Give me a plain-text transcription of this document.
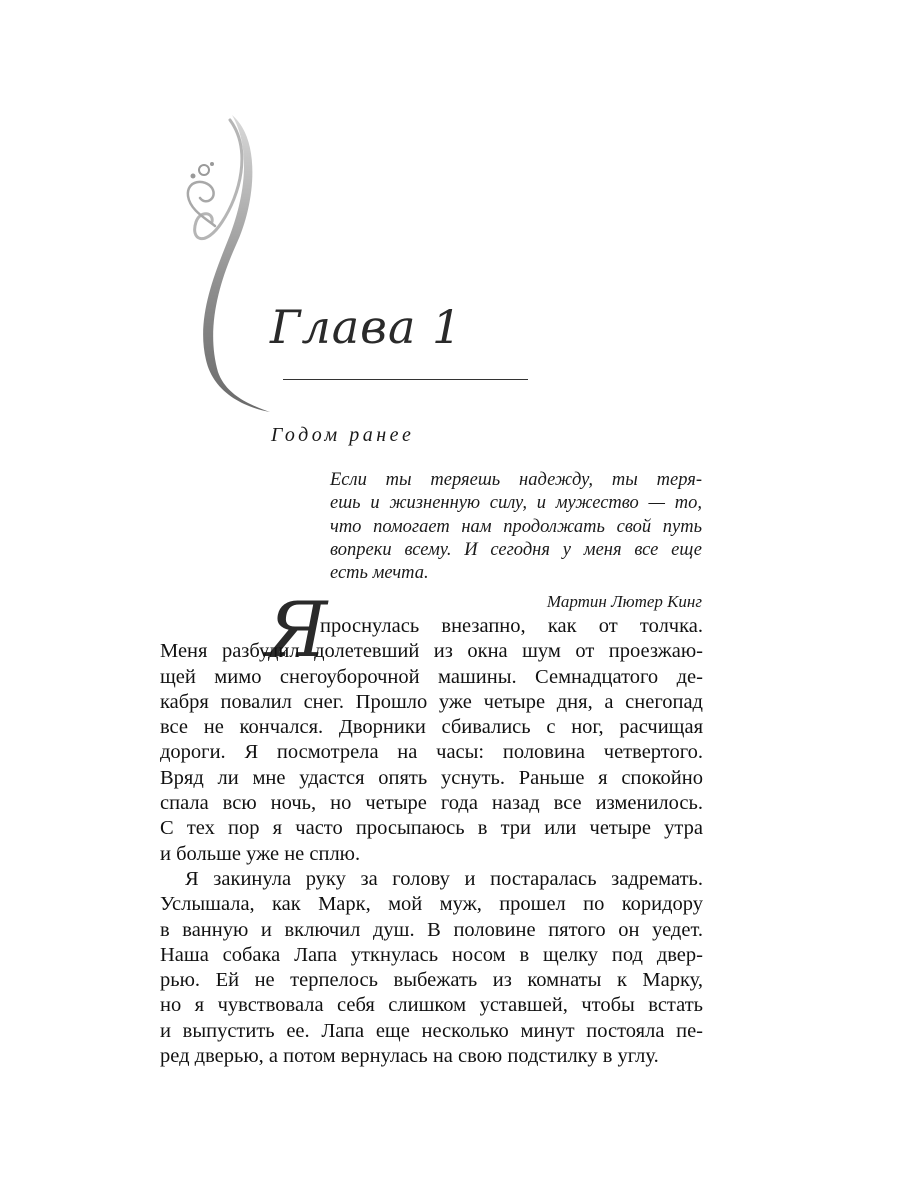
Глава 1
Годом ранее
Если ты теряешь надежду, ты теря-
ешь и жизненную силу, и мужество — то,
что помогает нам продолжать свой путь
вопреки всему. И сегодня у меня все еще
есть мечта.
Мартин Лютер Кинг
Я
проснулась внезапно, как от толчка.
Меня разбудил долетевший из окна шум от проезжаю-
щей мимо снегоуборочной машины. Семнадцатого де-
кабря повалил снег. Прошло уже четыре дня, а снегопад
все не кончался. Дворники сбивались с ног, расчищая
дороги. Я посмотрела на часы: половина четвертого.
Вряд ли мне удастся опять уснуть. Раньше я спокойно
спала всю ночь, но четыре года назад все изменилось.
С тех пор я часто просыпаюсь в три или четыре утра
и больше уже не сплю.
Я закинула руку за голову и постаралась задремать.
Услышала, как Марк, мой муж, прошел по коридору
в ванную и включил душ. В половине пятого он уедет.
Наша собака Лапа уткнулась носом в щелку под двер-
рью. Ей не терпелось выбежать из комнаты к Марку,
но я чувствовала себя слишком уставшей, чтобы встать
и выпустить ее. Лапа еще несколько минут постояла пе-
ред дверью, а потом вернулась на свою подстилку в углу.
